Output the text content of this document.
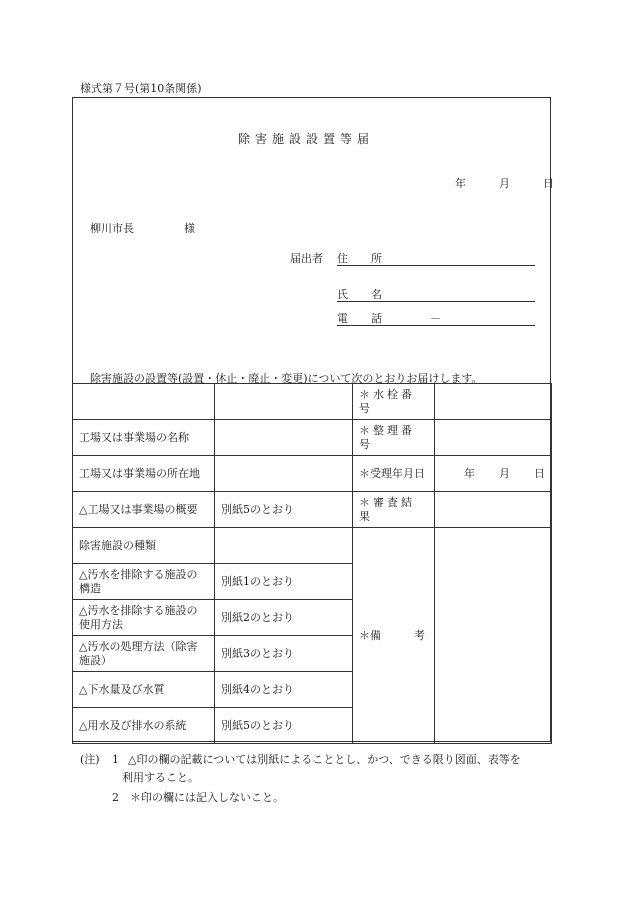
様式第７号(第10条関係)
除害施設設置等届
年	月	日
柳川市長	様
届出者 住　所
氏　名
電　話	－
除害施設の設置等(設置・休止・廃止・変更)について次のとおりお届けします。
		＊水栓番号	
工場又は事業場の名称		＊整理番号	
工場又は事業場の所在地		＊受理年月日	年 月 日
△工場又は事業場の概要	別紙5のとおり	＊審査結果	
除害施設の種類		＊備　　　考	
△汚水を排除する施設の構造	別紙1のとおり		
△汚水を排除する施設の使用方法	別紙2のとおり		
△汚水の処理方法（除害施設）	別紙3のとおり		
△下水量及び水質	別紙4のとおり		
△用水及び排水の系統	別紙5のとおり		
(注) 1 △印の欄の記載については別紙によることとし、かつ、できる限り図面、表等を
利用すること。
2 ＊印の欄には記入しないこと。
